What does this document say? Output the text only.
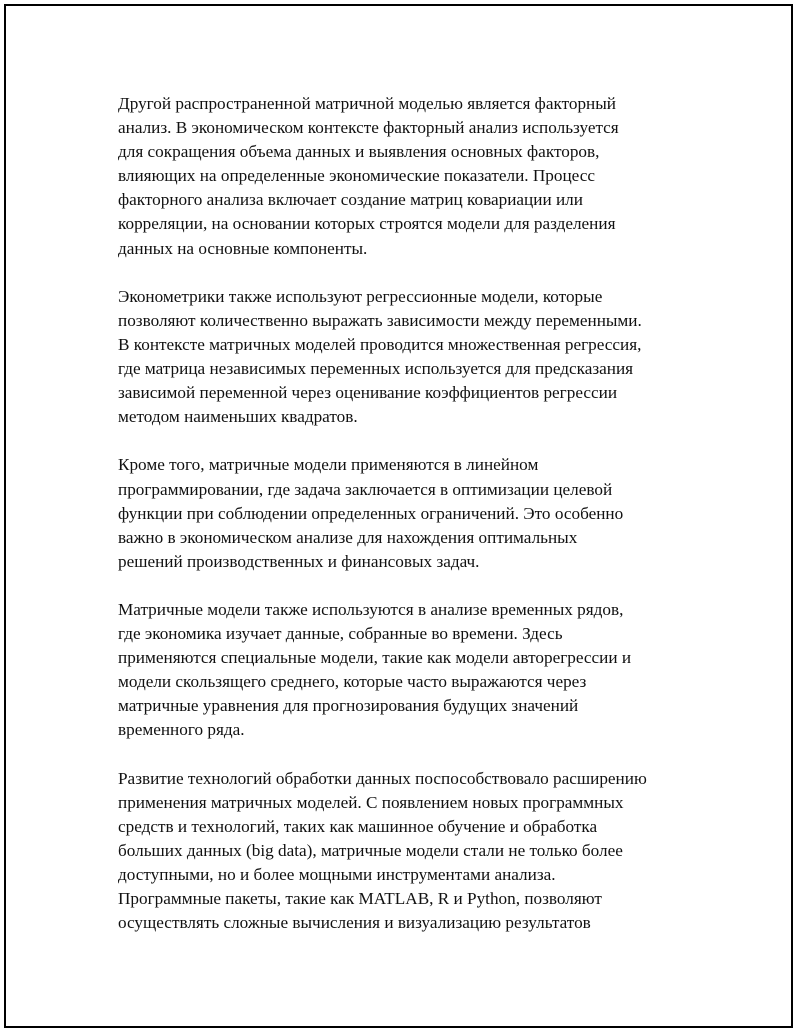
Другой распространенной матричной моделью является факторный
анализ. В экономическом контексте факторный анализ используется
для сокращения объема данных и выявления основных факторов,
влияющих на определенные экономические показатели. Процесс
факторного анализа включает создание матриц ковариации или
корреляции, на основании которых строятся модели для разделения
данных на основные компоненты.

Эконометрики также используют регрессионные модели, которые
позволяют количественно выражать зависимости между переменными.
В контексте матричных моделей проводится множественная регрессия,
где матрица независимых переменных используется для предсказания
зависимой переменной через оценивание коэффициентов регрессии
методом наименьших квадратов.

Кроме того, матричные модели применяются в линейном
программировании, где задача заключается в оптимизации целевой
функции при соблюдении определенных ограничений. Это особенно
важно в экономическом анализе для нахождения оптимальных
решений производственных и финансовых задач.

Матричные модели также используются в анализе временных рядов,
где экономика изучает данные, собранные во времени. Здесь
применяются специальные модели, такие как модели авторегрессии и
модели скользящего среднего, которые часто выражаются через
матричные уравнения для прогнозирования будущих значений
временного ряда.

Развитие технологий обработки данных поспособствовало расширению
применения матричных моделей. С появлением новых программных
средств и технологий, таких как машинное обучение и обработка
больших данных (big data), матричные модели стали не только более
доступными, но и более мощными инструментами анализа.
Программные пакеты, такие как MATLAB, R и Python, позволяют
осуществлять сложные вычисления и визуализацию результатов
